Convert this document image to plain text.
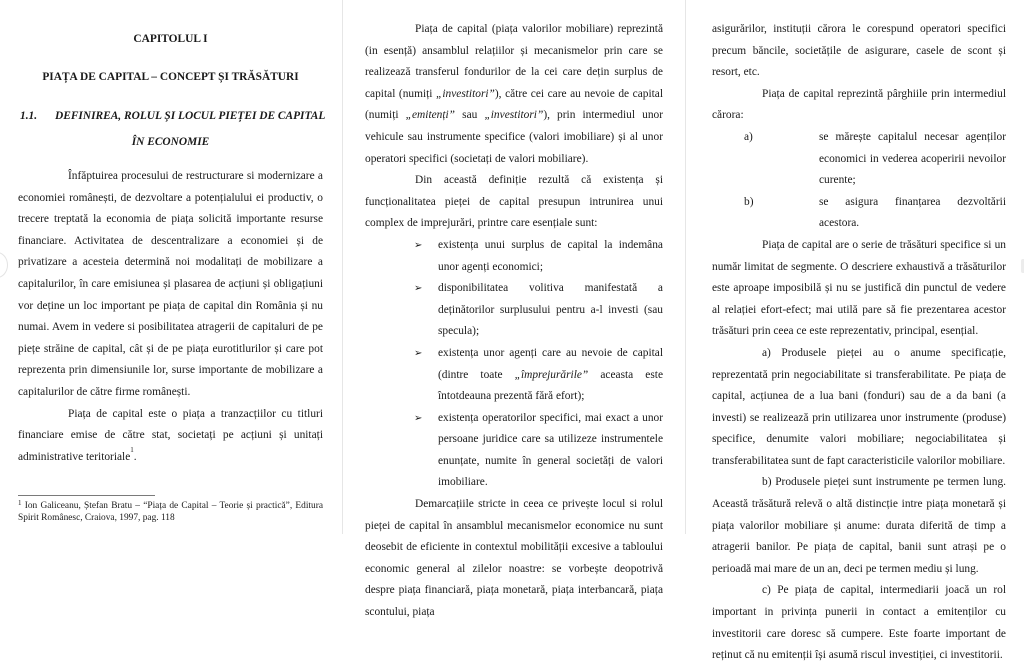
CAPITOLUL I
PIAȚA DE CAPITAL – CONCEPT ȘI TRĂSĂTURI
1.1. DEFINIREA, ROLUL ȘI LOCUL PIEȚEI DE CAPITAL
ÎN ECONOMIE

Înfăptuirea procesului de restructurare si modernizare a economiei românești, de dezvoltare a potențialului ei productiv, o trecere treptată la economia de piața solicită importante resurse financiare. Activitatea de descentralizare a economiei și de privatizare a acesteia determină noi modalitați de mobilizare a capitalurilor, în care emisiunea și plasarea de acțiuni și obligațiuni vor deține un loc important pe piața de capital din România și nu numai. Avem in vedere si posibilitatea atragerii de capitaluri de pe piețe străine de capital, cât și de pe piața eurotitlurilor și care pot reprezenta prin dimensiunile lor, surse importante de mobilizare a capitalurilor de către firme românești.

Piața de capital este o piața a tranzacțiilor cu titluri financiare emise de către stat, societați pe acțiuni și unitați administrative teritoriale$^1$.

$^1$ Ion Galiceanu, Ștefan Bratu – “Piața de Capital – Teorie și practică”, Editura Spirit Românesc, Craiova, 1997, pag. 118

Piața de capital (piața valorilor mobiliare) reprezintă (in esență) ansamblul relațiilor și mecanismelor prin care se realizează transferul fondurilor de la cei care dețin surplus de capital (numiți „investitori”), către cei care au nevoie de capital (numiți „emitenți” sau „investitori”), prin intermediul unor vehicule sau instrumente specifice (valori imobiliare) și al unor operatori specifici (societați de valori mobiliare).

Din această definiție rezultă că existența și funcționalitatea pieței de capital presupun intrunirea unui complex de imprejurări, printre care esențiale sunt:

➢ existența unui surplus de capital la indemâna unor agenți economici;
➢ disponibilitatea volitiva manifestată a deținătorilor surplusului pentru a-l investi (sau specula);
➢ existența unor agenți care au nevoie de capital (dintre toate „împrejurările” aceasta este întotdeauna prezentă fără efort);
➢ existența operatorilor specifici, mai exact a unor persoane juridice care sa utilizeze instrumentele enunțate, numite în general societăți de valori imobiliare.

Demarcațiile stricte in ceea ce privește locul si rolul pieței de capital în ansamblul mecanismelor economice nu sunt deosebit de eficiente in contextul mobilității excesive a tabloului economic general al zilelor noastre: se vorbește deopotrivă despre piața financiară, piața monetară, piața interbancară, piața scontului, piața

asigurărilor, instituții cărora le corespund operatori specifici precum băncile, societățile de asigurare, casele de scont și resort, etc.

Piața de capital reprezintă pârghiile prin intermediul cărora:

a)	se mărește capitalul necesar agenților economici in vederea acoperirii nevoilor curente;
b)	se asigura finanțarea dezvoltării acestora.

Piața de capital are o serie de trăsături specifice si un număr limitat de segmente. O descriere exhaustivă a trăsăturilor este aproape imposibilă și nu se justifică din punctul de vedere al relației efort-efect; mai utilă pare să fie prezentarea acestor trăsături prin ceea ce este reprezentativ, principal, esențial.

a) Produsele pieței au o anume specificație, reprezentată prin negociabilitate si transferabilitate. Pe piața de capital, acțiunea de a lua bani (fonduri) sau de a da bani (a investi) se realizează prin utilizarea unor instrumente (produse) specifice, denumite valori mobiliare; negociabilitatea și transferabilitatea sunt de fapt caracteristicile valorilor mobiliare.

b) Produsele pieței sunt instrumente pe termen lung. Această trăsătură relevă o altă distincție intre piața monetară și piața valorilor mobiliare și anume: durata diferită de timp a atragerii banilor. Pe piața de capital, banii sunt atrași pe o perioadă mai mare de un an, deci pe termen mediu și lung.

c) Pe piața de capital, intermediarii joacă un rol important in privința punerii in contact a emitenților cu investitorii care doresc să cumpere. Este foarte important de reținut că nu emitenții își asumă riscul investiției, ci investitorii.
